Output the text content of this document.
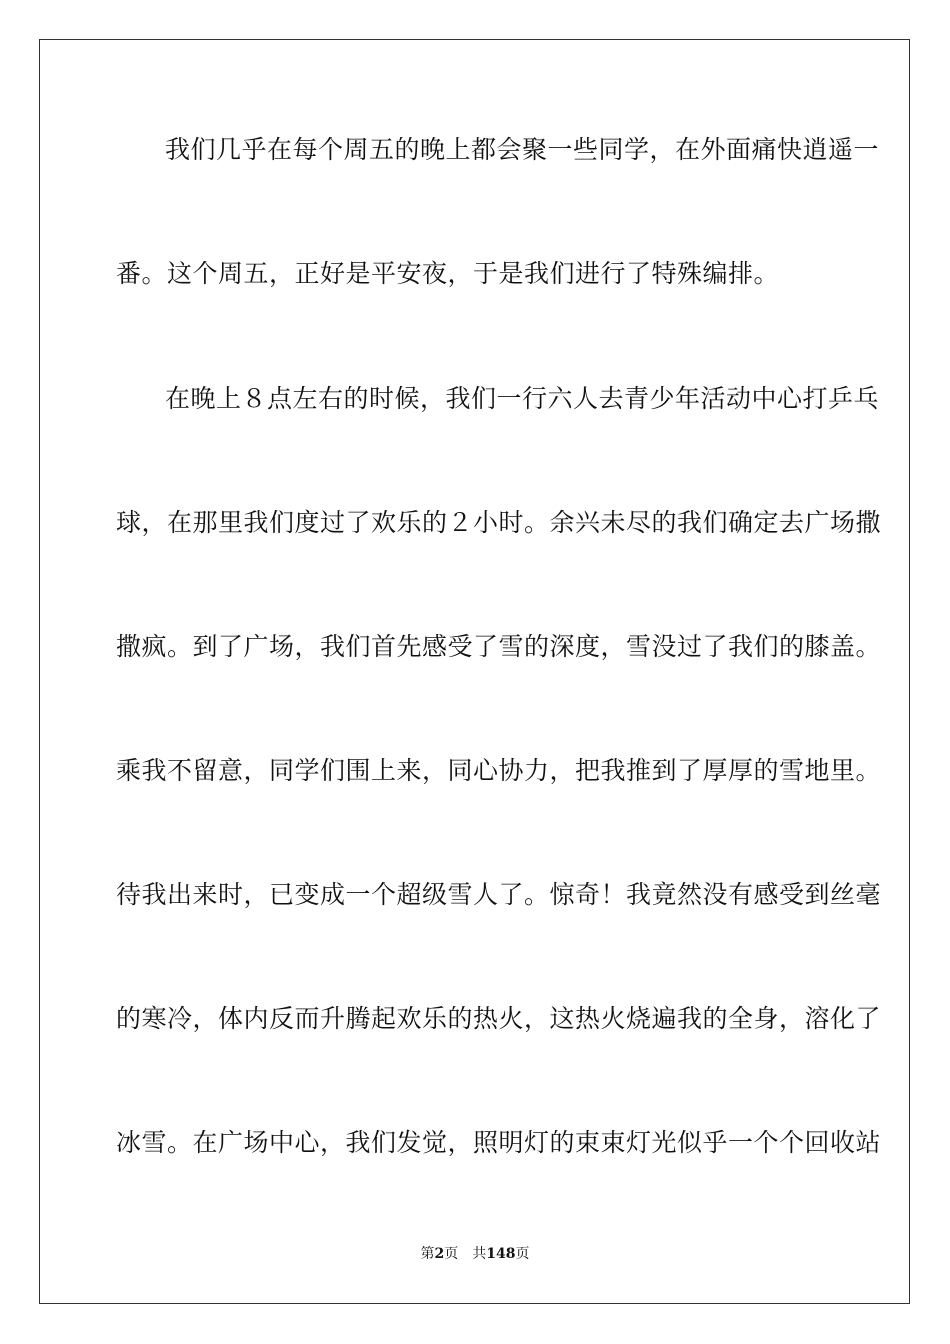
我们几乎在每个周五的晚上都会聚一些同学，在外面痛快逍遥一
番。这个周五，正好是平安夜，于是我们进行了特殊编排。
在晚上８点左右的时候，我们一行六人去青少年活动中心打乒乓
球，在那里我们度过了欢乐的２小时。余兴未尽的我们确定去广场撒
撒疯。到了广场，我们首先感受了雪的深度，雪没过了我们的膝盖。
乘我不留意，同学们围上来，同心协力，把我推到了厚厚的雪地里。
待我出来时，已变成一个超级雪人了。惊奇！我竟然没有感受到丝毫
的寒冷，体内反而升腾起欢乐的热火，这热火烧遍我的全身，溶化了
冰雪。在广场中心，我们发觉，照明灯的束束灯光似乎一个个回收站
第2页 共148页
